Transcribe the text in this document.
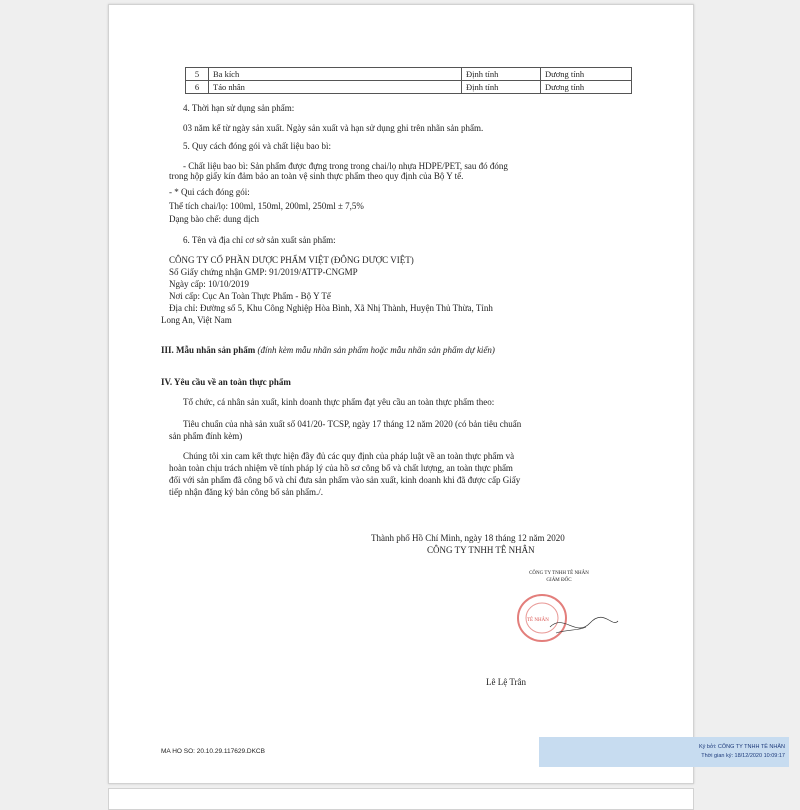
5	Ba kích	Định tính	Dương tính
6	Táo nhân	Định tính	Dương tính
4. Thời hạn sử dụng sản phẩm:
03 năm kể từ ngày sản xuất. Ngày sản xuất và hạn sử dụng ghi trên nhãn sản phẩm.
5. Quy cách đóng gói và chất liệu bao bì:
- Chất liệu bao bì: Sản phẩm được đựng trong trong chai/lọ nhựa HDPE/PET, sau đó đóng
trong hộp giấy kín đảm bảo an toàn vệ sinh thực phẩm theo quy định của Bộ Y tế.
- * Qui cách đóng gói:
Thể tích chai/lọ: 100ml, 150ml, 200ml, 250ml ± 7,5%
Dạng bào chế: dung dịch
6. Tên và địa chỉ cơ sở sản xuất sản phẩm:
CÔNG TY CỔ PHẦN DƯỢC PHẨM VIỆT (ĐÔNG DƯỢC VIỆT)
Số Giấy chứng nhận GMP: 91/2019/ATTP-CNGMP
Ngày cấp: 10/10/2019
Nơi cấp: Cục An Toàn Thực Phẩm - Bộ Y Tế
Địa chỉ: Đường số 5, Khu Công Nghiệp Hòa Bình, Xã Nhị Thành, Huyện Thủ Thừa, Tỉnh
Long An, Việt Nam
III. Mẫu nhãn sản phẩm (đính kèm mẫu nhãn sản phẩm hoặc mẫu nhãn sản phẩm dự kiến)
IV. Yêu cầu về an toàn thực phẩm
Tổ chức, cá nhân sản xuất, kinh doanh thực phẩm đạt yêu cầu an toàn thực phẩm theo:
Tiêu chuẩn của nhà sản xuất số 041/20- TCSP, ngày 17 tháng 12 năm 2020 (có bản tiêu chuẩn
sản phẩm đính kèm)
Chúng tôi xin cam kết thực hiện đầy đủ các quy định của pháp luật về an toàn thực phẩm và
hoàn toàn chịu trách nhiệm về tính pháp lý của hồ sơ công bố và chất lượng, an toàn thực phẩm
đối với sản phẩm đã công bố và chỉ đưa sản phẩm vào sản xuất, kinh doanh khi đã được cấp Giấy
tiếp nhận đăng ký bản công bố sản phẩm./.
Thành phố Hồ Chí Minh, ngày 18 tháng 12 năm 2020
CÔNG TY TNHH TÊ NHÂN
CÔNG TY TNHH TÊ NHÂN
GIÁM ĐỐC
TÊ NHÂN
Lê Lệ Trân
Ký bởi: CÔNG TY TNHH TÊ NHÂN
Thời gian ký: 18/12/2020 10:09:17
MA HO SO: 20.10.29.117629.DKCB
